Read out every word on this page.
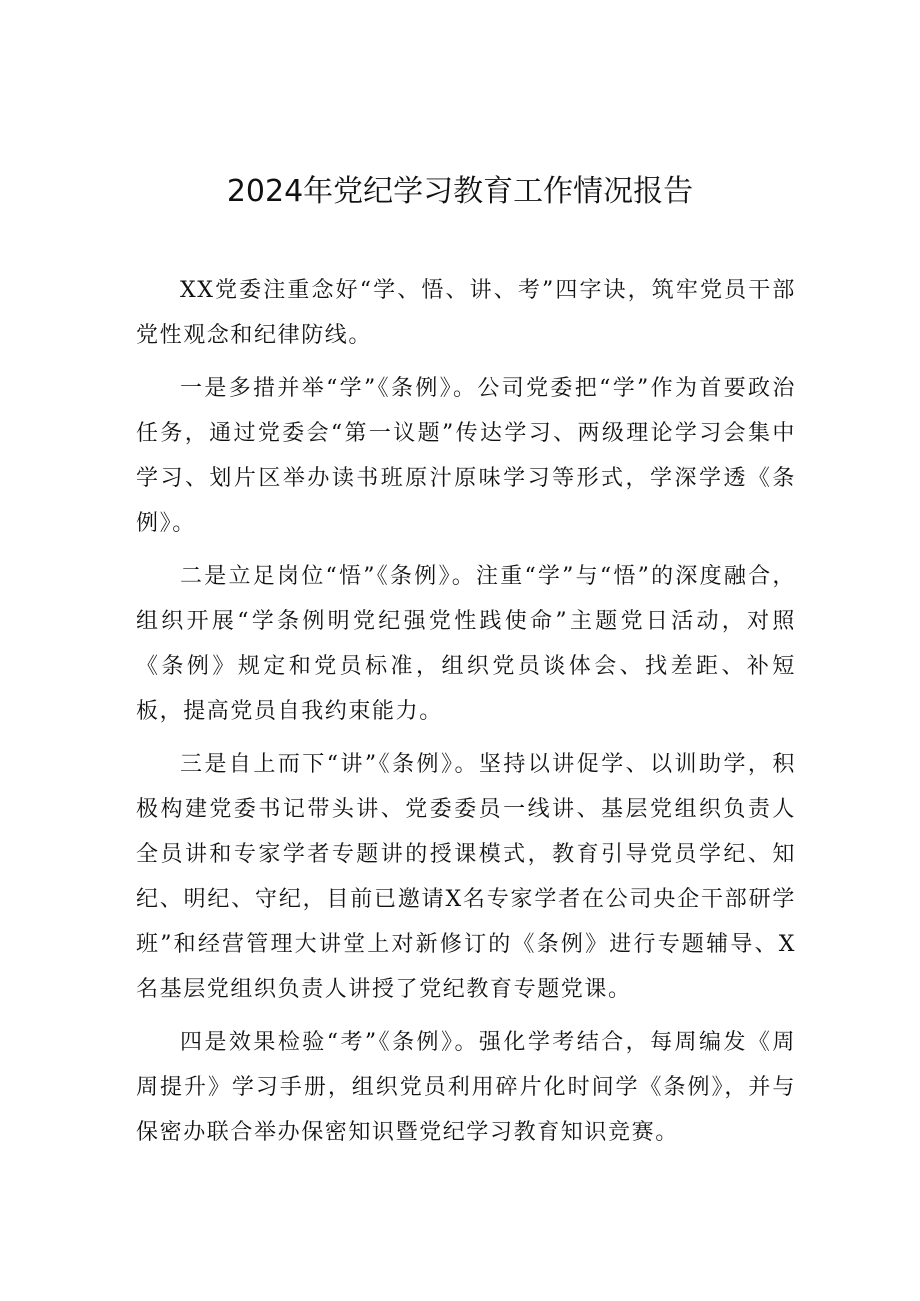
2024年党纪学习教育工作情况报告

XX党委注重念好“学、悟、讲、考”四字诀，筑牢党员干部党性观念和纪律防线。

一是多措并举“学”《条例》。公司党委把“学”作为首要政治任务，通过党委会“第一议题”传达学习、两级理论学习会集中学习、划片区举办读书班原汁原味学习等形式，学深学透《条例》。

二是立足岗位“悟”《条例》。注重“学”与“悟”的深度融合，组织开展“学条例明党纪强党性践使命”主题党日活动，对照《条例》规定和党员标准，组织党员谈体会、找差距、补短板，提高党员自我约束能力。

三是自上而下“讲”《条例》。坚持以讲促学、以训助学，积极构建党委书记带头讲、党委委员一线讲、基层党组织负责人全员讲和专家学者专题讲的授课模式，教育引导党员学纪、知纪、明纪、守纪，目前已邀请X名专家学者在公司央企干部研学班”和经营管理大讲堂上对新修订的《条例》进行专题辅导、X名基层党组织负责人讲授了党纪教育专题党课。

四是效果检验“考”《条例》。强化学考结合，每周编发《周周提升》学习手册，组织党员利用碎片化时间学《条例》，并与保密办联合举办保密知识暨党纪学习教育知识竞赛。
